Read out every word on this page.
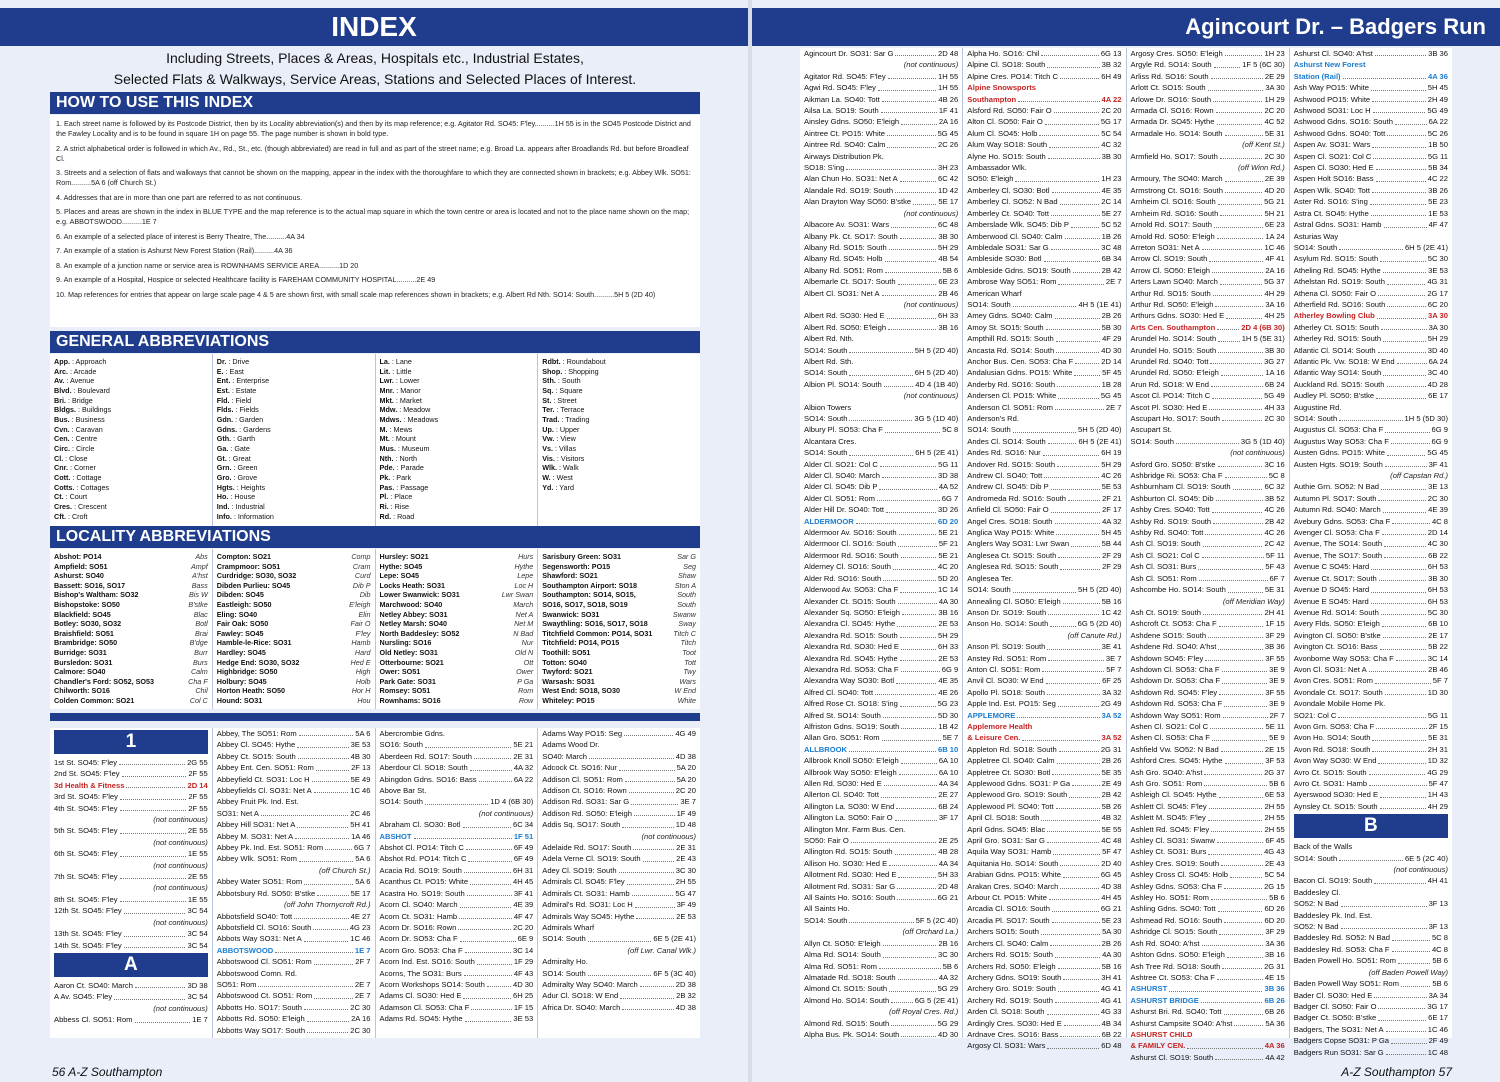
INDEX
Including Streets, Places & Areas, Hospitals etc., Industrial Estates,
Selected Flats & Walkways, Service Areas, Stations and Selected Places of Interest.
HOW TO USE THIS INDEX

1. Each street name is followed by its Postcode District, then by its Locality abbreviation(s) and then by its map reference; e.g. Agitator Rd. SO45: F'ley..........1H 55 is in the SO45 Postcode District and the Fawley Locality and is to be found in square 1H on page 55. The page number is shown in bold type.

2. A strict alphabetical order is followed in which Av., Rd., St., etc. (though abbreviated) are read in full and as part of the street name; e.g. Broad La. appears after Broadlands Rd. but before Broadleaf Cl.

3. Streets and a selection of flats and walkways that cannot be shown on the mapping, appear in the index with the thoroughfare to which they are connected shown in brackets; e.g. Abbey Wlk. SO51: Rom..........5A 6 (off Church St.)

4. Addresses that are in more than one part are referred to as not continuous.

5. Places and areas are shown in the index in BLUE TYPE and the map reference is to the actual map square in which the town centre or area is located and not to the place name shown on the map; e.g. ABBOTSWOOD..........1E 7

6. An example of a selected place of interest is Berry Theatre, The..........4A 34

7. An example of a station is Ashurst New Forest Station (Rail)..........4A 36

8. An example of a junction name or service area is ROWNHAMS SERVICE AREA..........1D 20

9. An example of a Hospital, Hospice or selected Healthcare facility is FAREHAM COMMUNITY HOSPITAL..........2E 49

10. Map references for entries that appear on large scale page 4 & 5 are shown first, with small scale map references shown in brackets; e.g. Albert Rd Nth. SO14: South..........5H 5 (2D 40)

GENERAL ABBREVIATIONS
App. : Approach
Arc. : Arcade
Av. : Avenue
Blvd. : Boulevard
Bri. : Bridge
Bldgs. : Buildings
Bus. : Business
Cvn. : Caravan
Cen. : Centre
Circ. : Circle
Cl. : Close
Cnr. : Corner
Cott. : Cottage
Cotts. : Cottages
Ct. : Court
Cres. : Crescent
Cft. : Croft
Dr. : Drive
E. : East
Ent. : Enterprise
Est. : Estate
Fld. : Field
Flds. : Fields
Gdn. : Garden
Gdns. : Gardens
Gth. : Garth
Ga. : Gate
Gt. : Great
Grn. : Green
Gro. : Grove
Hgts. : Heights
Ho. : House
Ind. : Industrial
Info. : Information
La. : Lane
Lit. : Little
Lwr. : Lower
Mnr. : Manor
Mkt. : Market
Mdw. : Meadow
Mdws. : Meadows
M. : Mews
Mt. : Mount
Mus. : Museum
Nth. : North
Pde. : Parade
Pk. : Park
Pas. : Passage
Pl. : Place
Ri. : Rise
Rd. : Road
Rdbt. : Roundabout
Shop. : Shopping
Sth. : South
Sq. : Square
St. : Street
Ter. : Terrace
Trad. : Trading
Up. : Upper
Vw. : View
Vs. : Villas
Vis. : Visitors
Wlk. : Walk
W. : West
Yd. : Yard
LOCALITY ABBREVIATIONS
Abshot: PO14	Abs
Ampfield: SO51	Ampf
Ashurst: SO40	A'hst
Bassett: SO16, SO17	Bass
Bishop's Waltham: SO32	Bis W
Bishopstoke: SO50	B'stke
Blackfield: SO45	Blac
Botley: SO30, SO32	Botl
Braishfield: SO51	Brai
Brambridge: SO50	B'dge
Burridge: SO31	Burr
Bursledon: SO31	Burs
Calmore: SO40	Calm
Chandler's Ford: SO52, SO53	Cha F
Chilworth: SO16	Chil
Colden Common: SO21	Col C
Compton: SO21	Comp
Crampmoor: SO51	Cram
Curdridge: SO30, SO32	Curd
Dibden Purlieu: SO45	Dib P
Dibden: SO45	Dib
Eastleigh: SO50	E'leigh
Eling: SO40	Elin
Fair Oak: SO50	Fair O
Fawley: SO45	F'ley
Hamble-le-Rice: SO31	Hamb
Hardley: SO45	Hard
Hedge End: SO30, SO32	Hed E
Highbridge: SO50	High
Holbury: SO45	Holb
Horton Heath: SO50	Hor H
Hound: SO31	Hou
Hursley: SO21	Hurs
Hythe: SO45	Hythe
Lepe: SO45	Lepe
Locks Heath: SO31	Loc H
Lower Swanwick: SO31	Lwr Swan
Marchwood: SO40	March
Netley Abbey: SO31	Net A
Netley Marsh: SO40	Net M
North Baddesley: SO52	N Bad
Nursling: SO16	Nur
Old Netley: SO31	Old N
Otterbourne: SO21	Ott
Ower: SO51	Ower
Park Gate: SO31	P Ga
Romsey: SO51	Rom
Rownhams: SO16	Row
Sarisbury Green: SO31	Sar G
Segensworth: PO15	Seg
Shawford: SO21	Shaw
Southampton Airport: SO18	Ston A
Southampton: SO14, SO15,	South
SO16, SO17, SO18, SO19	South
Swanwick: SO31	Swanw
Swaythling: SO16, SO17, SO18	Sway
Titchfield Common: PO14, SO31	Titch C
Titchfield: PO14, PO15	Titch
Toothill: SO51	Toot
Totton: SO40	Tott
Twyford: SO21	Twy
Warsash: SO31	Wars
West End: SO18, SO30	W End
Whiteley: PO15	White
1
1st St. SO45: F'ley	2G 55
2nd St. SO45: F'ley	2F 55
3d Health & Fitness	2D 14
3rd St. SO45: F'ley	2F 55
4th St. SO45: F'ley	2F 55
(not continuous)
5th St. SO45: F'ley	2E 55
(not continuous)
6th St. SO45: F'ley	1E 55
(not continuous)
7th St. SO45: F'ley	2E 55
(not continuous)
8th St. SO45: F'ley	1E 55
12th St. SO45: F'ley	3C 54
(not continuous)
13th St. SO45: F'ley	3C 54
14th St. SO45: F'ley	3C 54
A
Aaron Ct. SO40: March	3D 38
A Av. SO45: F'ley	3C 54
(not continuous)
Abbess Cl. SO51: Rom	1E 7
Abbey, The SO51: Rom	5A 6
Abbey Cl. SO45: Hythe	3E 53
Abbey Ct. SO15: South	4B 30
Abbey Ent. Cen. SO51: Rom	2F 13
Abbeyfield Ct. SO31: Loc H	5E 49
Abbeyfields Cl. SO31: Net A	1C 46
Abbey Fruit Pk. Ind. Est.
SO31: Net A	2C 46
Abbey Hill SO31: Net A	5H 41
Abbey M. SO31: Net A	1A 46
Abbey Pk. Ind. Est. SO51: Rom	6G 7
Abbey Wlk. SO51: Rom	5A 6
(off Church St.)
Abbey Water SO51: Rom	5A 6
Abbotsbury Rd. SO50: B'stke	5E 17
(off John Thornycroft Rd.)
Abbotsfield SO40: Tott	4E 27
Abbotsfield Cl. SO16: South	4G 23
Abbots Way SO31: Net A	1C 46
ABBOTSWOOD	1E 7
Abbotswood Cl. SO51: Rom	2F 7
Abbotswood Comn. Rd.
SO51: Rom	2E 7
Abbotswood Ct. SO51: Rom	2E 7
Abbotts Ho. SO17: South	2C 30
Abbotts Rd. SO50: E'leigh	2A 16
Abbotts Way SO17: South	2C 30
Abercrombie Gdns.
SO16: South	5E 21
Aberdeen Rd. SO17: South	2E 31
Aberdour Cl. SO18: South	4A 32
Abingdon Gdns. SO16: Bass	6A 22
Above Bar St.
SO14: South	1D 4 (6B 30)
(not continuous)
Abraham Cl. SO30: Botl	6C 34
ABSHOT	1F 51
Abshot Cl. PO14: Titch C	6F 49
Abshot Rd. PO14: Titch C	6F 49
Acacia Rd. SO19: South	6H 31
Acanthus Ct. PO15: White	4H 45
Acastra Ho. SO19: South	3F 41
Acorn Cl. SO40: March	4E 39
Acorn Ct. SO31: Hamb	4F 47
Acorn Dr. SO16: Rown	2C 20
Acorn Dr. SO53: Cha F	6E 9
Acorn Gro. SO53: Cha F	3C 14
Acorn Ind. Est. SO16: South	1F 29
Acorns, The SO31: Burs	4F 43
Acorn Workshops SO14: South	4D 30
Adams Cl. SO30: Hed E	6H 25
Adamson Cl. SO53: Cha F	1F 15
Adams Rd. SO45: Hythe	3E 53
Adams Way PO15: Seg	4G 49
Adams Wood Dr.
SO40: March	4D 38
Adcock Ct. SO16: Nur	5A 20
Addison Cl. SO51: Rom	5A 20
Addison Ct. SO16: Rown	2C 20
Addison Rd. SO31: Sar G	3E 7
Addison Rd. SO50: E'leigh	1F 49
Addis Sq. SO17: South	1D 48
(not continuous)
Adelaide Rd. SO17: South	2E 31
Adela Verne Cl. SO19: South	2E 43
Adey Cl. SO19: South	3C 30
Admirals Cl. SO45: F'ley	2H 55
Admirals Ct. SO31: Hamb	5G 47
Admiral's Rd. SO31: Loc H	3F 49
Admirals Way SO45: Hythe	2E 53
Admirals Wharf
SO14: South	6E 5 (2E 41)
(off Lwr. Canal Wlk.)
Admiralty Ho.
SO14: South	6F 5 (3C 40)
Admiralty Way SO40: March	2D 38
Adur Cl. SO18: W End	2B 32
Africa Dr. SO40: March	4D 38
56 A-Z Southampton
Agincourt Dr. – Badgers Run
Agincourt Dr. SO31: Sar G	2D 48
(not continuous)
Agitator Rd. SO45: F'ley	1H 55
Agwi Rd. SO45: F'ley	1H 55
Aikman La. SO40: Tott	4B 26
Ailsa La. SO19: South	1F 41
Ainsley Gdns. SO50: E'leigh	2A 16
Aintree Ct. PO15: White	5G 45
Aintree Rd. SO40: Calm	2C 26
Airways Distribution Pk.
SO18: S'ing	3H 23
Alan Chun Ho. SO31: Net A	6C 42
Alandale Rd. SO19: South	1D 42
Alan Drayton Way SO50: B'stke	5E 17
(not continuous)
Albacore Av. SO31: Wars	6C 48
Albany Pk. Ct. SO17: South	3B 30
Albany Rd. SO15: South	5H 29
Albany Rd. SO45: Holb	4B 54
Albany Rd. SO51: Rom	5B 6
Albemarle Ct. SO17: South	6E 23
Albert Cl. SO31: Net A	2B 46
(not continuous)
Albert Rd. SO30: Hed E	6H 33
Albert Rd. SO50: E'leigh	3B 16
Albert Rd. Nth.
SO14: South	5H 5 (2D 40)
Albert Rd. Sth.
SO14: South	6H 5 (2D 40)
Albion Pl. SO14: South	4D 4 (1B 40)
(not continuous)
Albion Towers
SO14: South	3G 5 (1D 40)
Albury Pl. SO53: Cha F	5C 8
Alcantara Cres.
SO14: South	6H 5 (2E 41)
Alder Cl. SO21: Col C	5G 11
Alder Cl. SO40: March	3D 38
Alder Cl. SO45: Dib P	4A 52
Alder Cl. SO51: Rom	6G 7
Alder Hill Dr. SO40: Tott	3D 26
ALDERMOOR	6D 20
Aldermoor Av. SO16: South	5E 21
Aldermoor Cl. SO16: South	5F 21
Aldermoor Rd. SO16: South	5E 21
Alderney Cl. SO16: South	4C 20
Alder Rd. SO16: South	5D 20
Alderwood Av. SO53: Cha F	1C 14
Alexander Ct. SO15: South	4A 30
Alexander Sq. SO50: E'leigh	3B 16
Alexandra Cl. SO45: Hythe	2E 53
Alexandra Rd. SO15: South	5H 29
Alexandra Rd. SO30: Hed E	6H 33
Alexandra Rd. SO45: Hythe	2E 53
Alexandra Rd. SO53: Cha F	6G 9
Alexandra Way SO30: Botl	4E 35
Alfred Cl. SO40: Tott	4E 26
Alfred Rose Ct. SO18: S'ing	5G 23
Alfred St. SO14: South	5D 30
Alfriston Gdns. SO19: South	1B 42
Allan Gro. SO51: Rom	5E 7
ALLBROOK	6B 10
Allbrook Knoll SO50: E'leigh	6A 10
Allbrook Way SO50: E'leigh	6A 10
Allen Rd. SO30: Hed E	4A 34
Allerton Cl. SO40: Tott	2E 27
Allington La. SO30: W End	6B 24
Allington La. SO50: Fair O	3F 17
Allington Mnr. Farm Bus. Cen.
SO50: Fair O	2E 25
Allington Rd. SO15: South	4B 28
Allison Ho. SO30: Hed E	4A 34
Allotment Rd. SO30: Hed E	5H 33
Allotment Rd. SO31: Sar G	2D 48
All Saints Ho. SO16: South	6G 21
All Saints Ho.
SO14: South	5F 5 (2C 40)
(off Orchard La.)
Allyn Ct. SO50: E'leigh	2B 16
Alma Rd. SO14: South	3C 30
Alma Rd. SO51: Rom	5B 6
Almatade Rd. SO18: South	4A 32
Almond Ct. SO15: South	5G 29
Almond Ho. SO14: South	6G 5 (2E 41)
(off Royal Cres. Rd.)
Almond Rd. SO15: South	5G 29
Alpha Bus. Pk. SO14: South	4D 30
Alpha Ho. SO16: Chil	6G 13
Alpine Cl. SO18: South	3B 32
Alpine Cres. PO14: Titch C	6H 49
Alpine Snowsports
Southampton	4A 22
Alsford Rd. SO50: Fair O	2C 20
Alton Cl. SO50: Fair O	5G 17
Alum Cl. SO45: Holb	5C 54
Alum Way SO18: South	4C 32
Alyne Ho. SO15: South	3B 30
Ambassador Wlk.
SO50: E'leigh	1H 23
Amberley Cl. SO30: Botl	4E 35
Amberley Cl. SO52: N Bad	2C 14
Amberley Ct. SO40: Tott	5E 27
Amberslade Wlk. SO45: Dib P	5C 52
Amberwood Cl. SO40: Calm	1B 26
Ambledale SO31: Sar G	3C 48
Ambleside SO30: Botl	6B 34
Ambleside Gdns. SO19: South	2B 42
Ambrose Way SO51: Rom	2E 7
American Wharf
SO14: South	4H 5 (1E 41)
Amey Gdns. SO40: Calm	2B 26
Amoy St. SO15: South	5B 30
Ampthill Rd. SO15: South	4F 29
Ancasta Rd. SO14: South	4D 30
Anchor Bus. Cen. SO53: Cha F	2D 14
Andalusian Gdns. PO15: White	5F 45
Anderby Rd. SO16: South	1B 28
Andersen Cl. PO15: White	5G 45
Anderson Cl. SO51: Rom	2E 7
Anderson's Rd.
SO14: South	5H 5 (2D 40)
Andes Cl. SO14: South	6H 5 (2E 41)
Andes Rd. SO16: Nur	6H 19
Andover Rd. SO15: South	5H 29
Andrew Cl. SO40: Tott	4C 26
Andrew Cl. SO45: Dib P	5E 53
Andromeda Rd. SO16: South	2F 21
Anfield Cl. SO50: Fair O	2F 17
Angel Cres. SO18: South	4A 32
Anglica Way PO15: White	5H 45
Anglers Way SO31: Lwr Swan	5B 44
Anglesea Ct. SO15: South	2F 29
Anglesea Rd. SO15: South	2F 29
Anglesea Ter.
SO14: South	5H 5 (2D 40)
Annealing Cl. SO50: E'leigh	5B 16
Anson Dr. SO19: South	1C 42
Anson Ho. SO14: South	6G 5 (2D 40)
(off Canute Rd.)
Anson Pl. SO19: South	3E 41
Anstey Rd. SO51: Rom	3E 7
Anton Cl. SO51: Rom	5F 7
Anvil Cl. SO30: W End	6F 25
Apollo Pl. SO18: South	3A 32
Apple Ind. Est. PO15: Seg	2G 49
APPLEMORE	3A 52
Applemore Health
& Leisure Cen.	3A 52
Appleton Rd. SO18: South	2G 31
Appletree Cl. SO40: Calm	2B 26
Appletree Ct. SO30: Botl	5E 35
Applewood Gdns. SO31: P Ga	2E 49
Applewood Gro. SO19: South	2B 42
Applewood Pl. SO40: Tott	5B 26
April Cl. SO18: South	4B 32
April Gdns. SO45: Blac	5E 55
April Gro. SO31: Sar G	4C 48
Aquila Way SO31: Hamb	5F 47
Aquitania Ho. SO14: South	2D 40
Arabian Gdns. PO15: White	6G 45
Arakan Cres. SO40: March	4D 38
Arbour Ct. PO15: White	4H 45
Arcadia Cl. SO16: South	6G 21
Arcadia Pl. SO17: South	5E 23
Archers SO15: South	5A 30
Archers Cl. SO40: Calm	2B 26
Archers Rd. SO15: South	4A 30
Archers Rd. SO50: E'leigh	5B 16
Archery Gdns. SO19: South	3H 41
Archery Gro. SO19: South	4G 41
Archery Rd. SO19: South	4G 41
Arden Cl. SO18: South	4G 33
Ardingly Cres. SO30: Hed E	4B 34
Ardnave Cres. SO16: Bass	6B 22
Argosy Cl. SO31: Wars	6D 48
Argosy Cres. SO50: E'leigh	1H 23
Argyle Rd. SO14: South	1F 5 (6C 30)
Arliss Rd. SO16: South	2E 29
Arlott Ct. SO15: South	3A 30
Arlowe Dr. SO16: South	1H 29
Armada Cl. SO16: Rown	2C 20
Armada Dr. SO45: Hythe	4C 52
Armadale Ho. SO14: South	5E 31
(off Kent St.)
Armfield Ho. SO17: South	2C 30
(off Winn Rd.)
Armoury, The SO40: March	2E 39
Armstrong Ct. SO16: South	4D 20
Arnheim Cl. SO16: South	5G 21
Arnheim Rd. SO16: South	5H 21
Arnold Rd. SO17: South	6E 23
Arnold Rd. SO50: E'leigh	1A 24
Arreton SO31: Net A	1C 46
Arrow Cl. SO19: South	4F 41
Arrow Cl. SO50: E'leigh	2A 16
Arters Lawn SO40: March	5G 37
Arthur Rd. SO15: South	4H 29
Arthur Rd. SO50: E'leigh	3A 16
Arthurs Gdns. SO30: Hed E	4H 25
Arts Cen. Southampton	2D 4 (6B 30)
Arundel Ho. SO14: South	1H 5 (5E 31)
Arundel Ho. SO15: South	3B 30
Arundel Rd. SO40: Tott	3G 27
Arundel Rd. SO50: E'leigh	1A 16
Arun Rd. SO18: W End	6B 24
Ascot Cl. PO14: Titch C	5G 49
Ascot Pl. SO30: Hed E	4H 33
Ascupart Ho. SO17: South	2C 30
Ascupart St.
SO14: South	3G 5 (1D 40)
(not continuous)
Asford Gro. SO50: B'stke	3C 16
Ashbridge Ri. SO53: Cha F	5C 8
Ashburnham Cl. SO19: South	6C 32
Ashburton Cl. SO45: Dib	3B 52
Ashby Cres. SO40: Tott	4C 26
Ashby Rd. SO19: South	2B 42
Ashby Rd. SO40: Tott	4C 26
Ash Cl. SO19: South	2C 42
Ash Cl. SO21: Col C	5F 11
Ash Cl. SO31: Burs	5F 43
Ash Cl. SO51: Rom	6F 7
Ashcombe Ho. SO14: South	5E 31
(off Meridian Way)
Ash Ct. SO19: South	2H 41
Ashcroft Ct. SO53: Cha F	1F 15
Ashdene SO15: South	3F 29
Ashdene Rd. SO40: A'hst	3B 36
Ashdown SO45: F'ley	3F 55
Ashdown Cl. SO53: Cha F	3E 9
Ashdown Dr. SO53: Cha F	3E 9
Ashdown Rd. SO45: F'ley	3F 55
Ashdown Rd. SO53: Cha F	3E 9
Ashdown Way SO51: Rom	2F 7
Ashen Cl. SO21: Col C	5E 11
Ashen Cl. SO53: Cha F	5E 9
Ashfield Vw. SO52: N Bad	2E 15
Ashford Cres. SO45: Hythe	3F 53
Ash Gro. SO40: A'hst	2G 37
Ash Gro. SO51: Rom	5B 6
Ashleigh Cl. SO45: Hythe	6E 53
Ashlett Cl. SO45: F'ley	2H 55
Ashlett M. SO45: F'ley	2H 55
Ashlett Rd. SO45: F'ley	2H 55
Ashley Cl. SO31: Swanw	6F 45
Ashley Ct. SO31: Burs	4G 43
Ashley Cres. SO19: South	2E 43
Ashley Cross Cl. SO45: Holb	5C 54
Ashley Gdns. SO53: Cha F	2G 15
Ashley Ho. SO51: Rom	5B 6
Ashling Gdns. SO40: Tott	6D 26
Ashmead Rd. SO16: South	6D 20
Ashridge Cl. SO15: South	3F 29
Ash Rd. SO40: A'hst	3A 36
Ashton Gdns. SO50: E'leigh	3B 16
Ash Tree Rd. SO18: South	2G 31
Ashtree Ct. SO53: Cha F	4E 15
ASHURST	3B 36
ASHURST BRIDGE	6B 26
Ashurst Bri. Rd. SO40: Tott	6B 26
Ashurst Campsite SO40: A'hst	5A 36
ASHURST CHILD
& FAMILY CEN.	4A 36
Ashurst Cl. SO19: South	4A 42
Ashurst Cl. SO40: A'hst	3B 36
Ashurst New Forest
Station (Rail)	4A 36
Ash Way PO15: White	5H 45
Ashwood PO15: White	2H 49
Ashwood SO31: Loc H	5G 49
Ashwood Gdns. SO16: South	6A 22
Ashwood Gdns. SO40: Tott	5C 26
Aspen Av. SO31: Wars	1B 50
Aspen Cl. SO21: Col C	5G 11
Aspen Cl. SO30: Hed E	5B 34
Aspen Holt SO16: Bass	4C 22
Aspen Wlk. SO40: Tott	3B 26
Aster Rd. SO16: S'ing	5E 23
Astra Ct. SO45: Hythe	1E 53
Astral Gdns. SO31: Hamb	4F 47
Asturias Way
SO14: South	6H 5 (2E 41)
Asylum Rd. SO15: South	5C 30
Atheling Rd. SO45: Hythe	3E 53
Athelstan Rd. SO19: South	4G 31
Athena Cl. SO50: Fair O	2G 17
Atherfield Rd. SO16: South	6C 20
Atherley Bowling Club	3A 30
Atherley Ct. SO15: South	3A 30
Atherley Rd. SO15: South	5H 29
Atlantic Cl. SO14: South	3D 40
Atlantic Pk. Vw. SO18: W End	6A 24
Atlantic Way SO14: South	3C 40
Auckland Rd. SO15: South	4D 28
Audley Pl. SO50: B'stke	6E 17
Augustine Rd.
SO14: South	1H 5 (5D 30)
Augustus Cl. SO53: Cha F	6G 9
Augustus Way SO53: Cha F	6G 9
Austen Gdns. PO15: White	5G 45
Austen Hgts. SO19: South	3F 41
(off Capstan Rd.)
Authie Grn. SO52: N Bad	3E 13
Autumn Pl. SO17: South	2C 30
Autumn Rd. SO40: March	4E 39
Avebury Gdns. SO53: Cha F	4C 8
Avenger Cl. SO53: Cha F	2D 14
Avenue, The SO14: South	4C 30
Avenue, The SO17: South	6B 22
Avenue C SO45: Hard	6H 53
Avenue Ct. SO17: South	3B 30
Avenue D SO45: Hard	6H 53
Avenue E SO45: Hard	6H 53
Avenue Rd. SO14: South	5C 30
Avery Flds. SO50: E'leigh	6B 10
Avington Cl. SO50: B'stke	2E 17
Avington Ct. SO16: Bass	5B 22
Avonborne Way SO53: Cha F	3C 14
Avon Cl. SO31: Net A	2B 46
Avon Cres. SO51: Rom	5F 7
Avondale Ct. SO17: South	1D 30
Avondale Mobile Home Pk.
SO21: Col C	5G 11
Avon Grn. SO53: Cha F	2F 15
Avon Ho. SO14: South	5E 31
Avon Rd. SO18: South	2H 31
Avon Way SO30: W End	1D 32
Avro Ct. SO15: South	4G 29
Avro Ct. SO31: Hamb	5F 47
Ayerswood SO30: Hed E	1H 43
Aynsley Ct. SO15: South	4H 29
B
Back of the Walls
SO14: South	6E 5 (2C 40)
(not continuous)
Bacon Cl. SO19: South	4H 41
Baddesley Cl.
SO52: N Bad	3F 13
Baddesley Pk. Ind. Est.
SO52: N Bad	3F 13
Baddesley Rd. SO52: N Bad	5C 8
Baddesley Rd. SO53: Cha F	4C 8
Baden Powell Ho. SO51: Rom	5B 6
(off Baden Powell Way)
Baden Powell Way SO51: Rom	5B 6
Bader Cl. SO30: Hed E	3A 34
Badger Cl. SO50: Fair O	3G 17
Badger Ct. SO50: B'stke	6E 17
Badgers, The SO31: Net A	1C 46
Badgers Copse SO31: P Ga	2F 49
Badgers Run SO31: Sar G	1C 48
A-Z Southampton 57
